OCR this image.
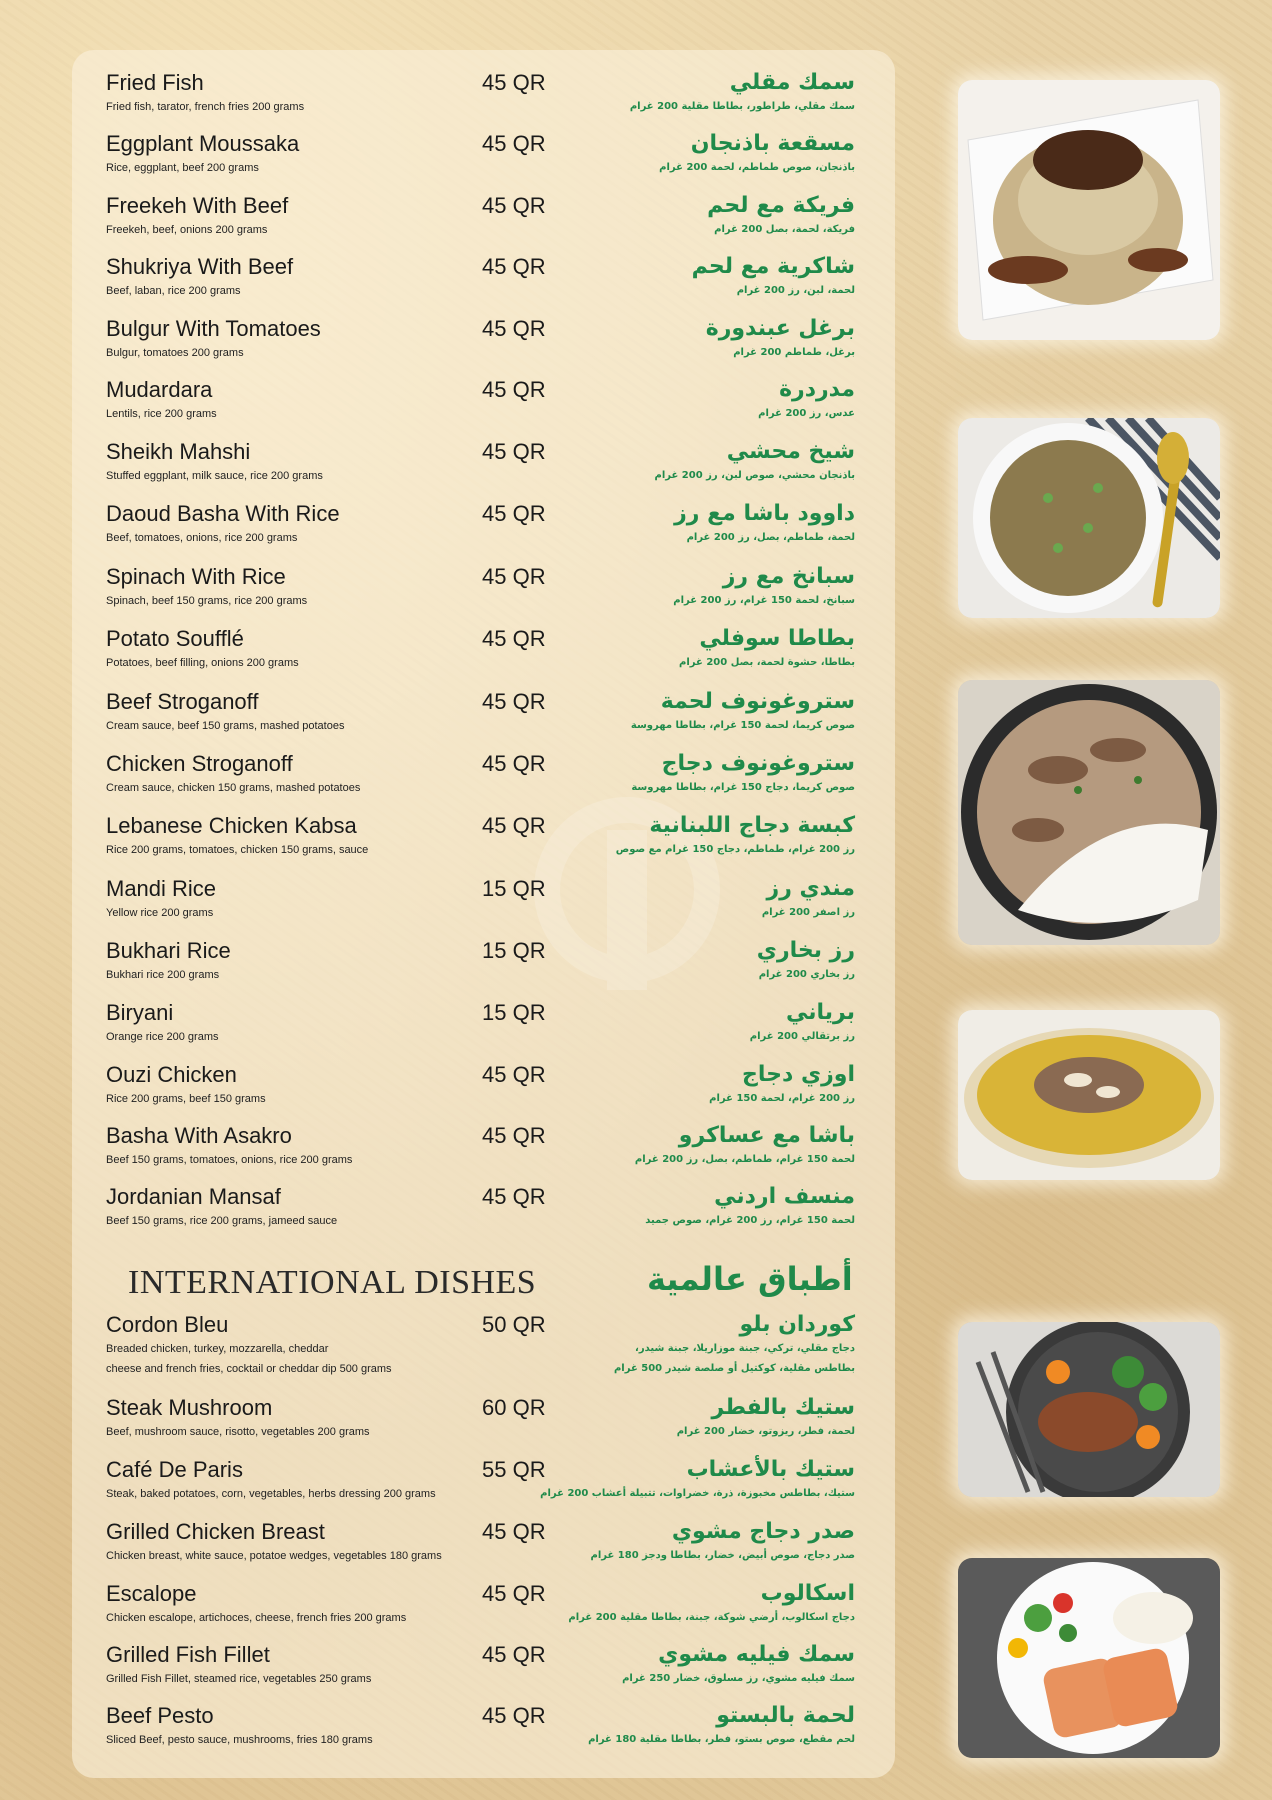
Fried Fish
Fried fish, tarator, french fries 200 grams
45 QR	سمك مقلي
سمك مقلي، طراطور، بطاطا مقلية 200 غرام
Eggplant Moussaka
Rice, eggplant, beef 200 grams
45 QR	مسقعة باذنجان
باذنجان، صوص طماطم، لحمة 200 غرام
Freekeh With Beef
Freekeh, beef, onions 200 grams
45 QR	فريكة مع لحم
فريكة، لحمة، بصل 200 غرام
Shukriya With Beef
Beef, laban, rice 200 grams
45 QR	شاكرية مع لحم
لحمة، لبن، رز 200 غرام
Bulgur With Tomatoes
Bulgur, tomatoes 200 grams
45 QR	برغل عبندورة
برغل، طماطم 200 غرام
Mudardara
Lentils, rice 200 grams
45 QR	مدردرة
عدس، رز 200 غرام
Sheikh Mahshi
Stuffed eggplant, milk sauce, rice 200 grams
45 QR	شيخ محشي
باذنجان محشي، صوص لبن، رز 200 غرام
Daoud Basha With Rice
Beef, tomatoes, onions, rice 200 grams
45 QR	داوود باشا مع رز
لحمة، طماطم، بصل، رز 200 غرام
Spinach With Rice
Spinach, beef 150 grams, rice 200 grams
45 QR	سبانخ مع رز
سبانخ، لحمة 150 غرام، رز 200 غرام
Potato Soufflé
Potatoes, beef filling, onions 200 grams
45 QR	بطاطا سوفلي
بطاطا، حشوة لحمة، بصل 200 غرام
Beef Stroganoff
Cream sauce, beef 150 grams, mashed potatoes
45 QR	ستروغونوف لحمة
صوص كريما، لحمة 150 غرام، بطاطا مهروسة
Chicken Stroganoff
Cream sauce, chicken 150 grams, mashed potatoes
45 QR	ستروغونوف دجاج
صوص كريما، دجاج 150 غرام، بطاطا مهروسة
Lebanese Chicken Kabsa
Rice 200 grams, tomatoes, chicken 150 grams, sauce
45 QR	كبسة دجاج اللبنانية
رز 200 غرام، طماطم، دجاج 150 غرام مع صوص
Mandi Rice
Yellow rice 200 grams
15 QR	مندي رز
رز اصفر 200 غرام
Bukhari Rice
Bukhari rice 200 grams
15 QR	رز بخاري
رز بخاري 200 غرام
Biryani
Orange rice 200 grams
15 QR	برياني
رز برتقالي 200 غرام
Ouzi Chicken
Rice 200 grams, beef 150 grams
45 QR	اوزي دجاج
رز 200 غرام، لحمة 150 غرام
Basha With Asakro
Beef 150 grams, tomatoes, onions, rice 200 grams
45 QR	باشا مع عساكرو
لحمة 150 غرام، طماطم، بصل، رز 200 غرام
Jordanian Mansaf
Beef 150 grams, rice 200 grams, jameed sauce
45 QR	منسف اردني
لحمة 150 غرام، رز 200 غرام، صوص جميد
INTERNATIONAL DISHES	أطباق عالمية
Cordon Bleu
Breaded chicken, turkey, mozzarella, cheddar
cheese and french fries, cocktail or cheddar dip 500 grams
50 QR	كوردان بلو
دجاج مقلي، تركي، جبنة موزاريلا، جبنة شيدر،
بطاطس مقلية، كوكتيل أو صلصة شيدر 500 غرام
Steak Mushroom
Beef, mushroom sauce, risotto, vegetables 200 grams
60 QR	ستيك بالفطر
لحمة، فطر، ريزوتو، خضار 200 غرام
Café De Paris
Steak, baked potatoes, corn, vegetables, herbs dressing 200 grams
55 QR	ستيك بالأعشاب
ستيك، بطاطس مخبوزة، ذرة، خضراوات، تتبيلة أعشاب 200 غرام
Grilled Chicken Breast
Chicken breast, white sauce, potatoe wedges, vegetables 180 grams
45 QR	صدر دجاج مشوي
صدر دجاج، صوص أبيض، خضار، بطاطا ودجز 180 غرام
Escalope
Chicken escalope, artichoces, cheese, french fries 200 grams
45 QR	اسكالوب
دجاج اسكالوب، أرضي شوكة، جبنة، بطاطا مقلية 200 غرام
Grilled Fish Fillet
Grilled Fish Fillet, steamed rice, vegetables 250 grams
45 QR	سمك فيليه مشوي
سمك فيليه مشوي، رز مسلوق، خضار 250 غرام
Beef Pesto
Sliced Beef, pesto sauce, mushrooms, fries 180 grams
45 QR	لحمة بالبستو
لحم مقطع، صوص بستو، فطر، بطاطا مقلية 180 غرام
